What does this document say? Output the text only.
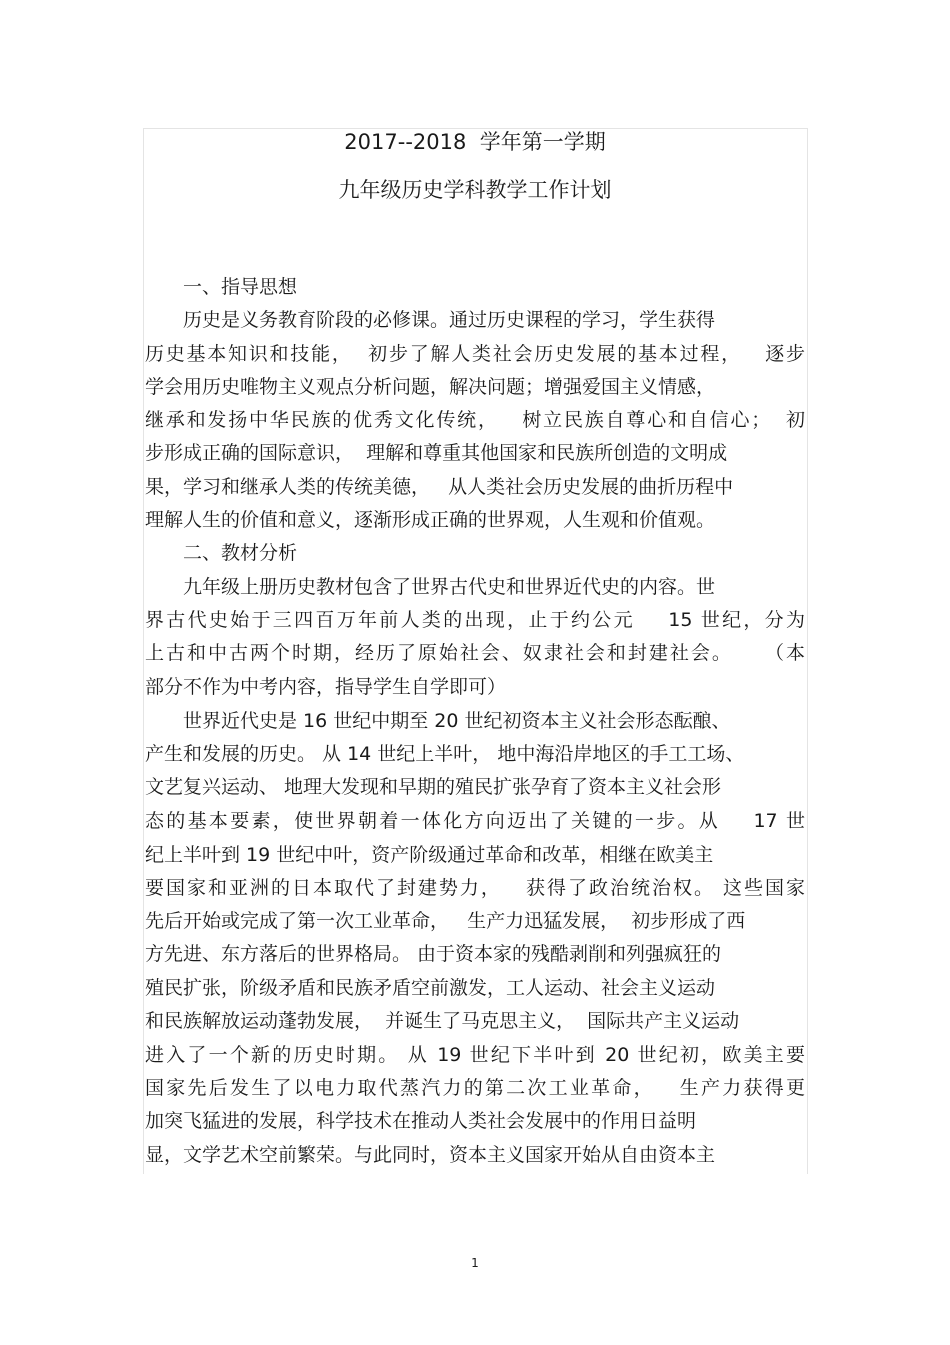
2017--2018  学年第一学期
九年级历史学科教学工作计划
一、指导思想
历史是义务教育阶段的必修课。通过历史课程的学习，学生获得
历史基本知识和技能，  初步了解人类社会历史发展的基本过程，   逐步
学会用历史唯物主义观点分析问题，解决问题；增强爱国主义情感，
继承和发扬中华民族的优秀文化传统，   树立民族自尊心和自信心；  初
步形成正确的国际意识，  理解和尊重其他国家和民族所创造的文明成
果，学习和继承人类的传统美德，   从人类社会历史发展的曲折历程中
理解人生的价值和意义，逐渐形成正确的世界观，人生观和价值观。
二、教材分析
九年级上册历史教材包含了世界古代史和世界近代史的内容。世
界古代史始于三四百万年前人类的出现，止于约公元    15 世纪，分为
上古和中古两个时期，经历了原始社会、奴隶社会和封建社会。    （本
部分不作为中考内容，指导学生自学即可）
世界近代史是 16 世纪中期至 20 世纪初资本主义社会形态酝酿、
产生和发展的历史。 从 14 世纪上半叶， 地中海沿岸地区的手工工场、
文艺复兴运动、 地理大发现和早期的殖民扩张孕育了资本主义社会形
态的基本要素，使世界朝着一体化方向迈出了关键的一步。从    17 世
纪上半叶到 19 世纪中叶，资产阶级通过革命和改革，相继在欧美主
要国家和亚洲的日本取代了封建势力，   获得了政治统治权。 这些国家
先后开始或完成了第一次工业革命，   生产力迅猛发展，  初步形成了西
方先进、东方落后的世界格局。 由于资本家的残酷剥削和列强疯狂的
殖民扩张，阶级矛盾和民族矛盾空前激发，工人运动、社会主义运动
和民族解放运动蓬勃发展，  并诞生了马克思主义，  国际共产主义运动
进入了一个新的历史时期。 从 19 世纪下半叶到 20 世纪初，欧美主要
国家先后发生了以电力取代蒸汽力的第二次工业革命，   生产力获得更
加突飞猛进的发展，科学技术在推动人类社会发展中的作用日益明
显，文学艺术空前繁荣。与此同时，资本主义国家开始从自由资本主
1
